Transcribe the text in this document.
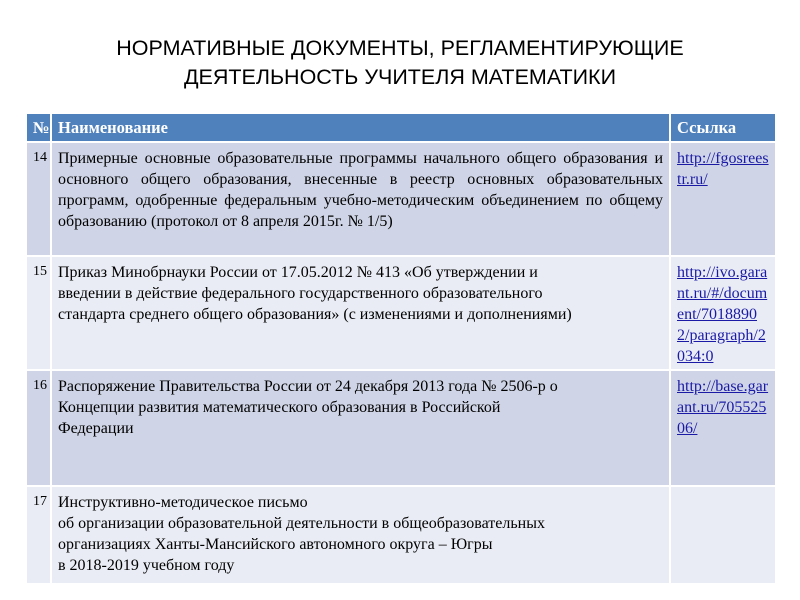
НОРМАТИВНЫЕ ДОКУМЕНТЫ, РЕГЛАМЕНТИРУЮЩИЕ
ДЕЯТЕЛЬНОСТЬ УЧИТЕЛЯ МАТЕМАТИКИ
№	Наименование	Ссылка
14	Примерные основные образовательные программы начального общего образования и основного общего образования, внесенные в реестр основных образовательных программ, одобренные федеральным учебно-методическим объединением по общему образованию (протокол от 8 апреля 2015г. № 1/5)	http://fgosreestr.ru/
15	Приказ Минобрнауки России от 17.05.2012 № 413 «Об утверждении и
введении в действие федерального государственного образовательного
стандарта среднего общего образования» (с изменениями и дополнениями)	http://ivo.garant.ru/#/document/70188902/paragraph/2034:0
16	Распоряжение Правительства России от 24 декабря 2013 года № 2506-р о
Концепции развития математического образования в Российской
Федерации	http://base.garant.ru/70552506/
17	Инструктивно-методическое письмо
об организации образовательной деятельности в общеобразовательных
организациях Ханты-Мансийского автономного округа – Югры
в 2018-2019 учебном году	
